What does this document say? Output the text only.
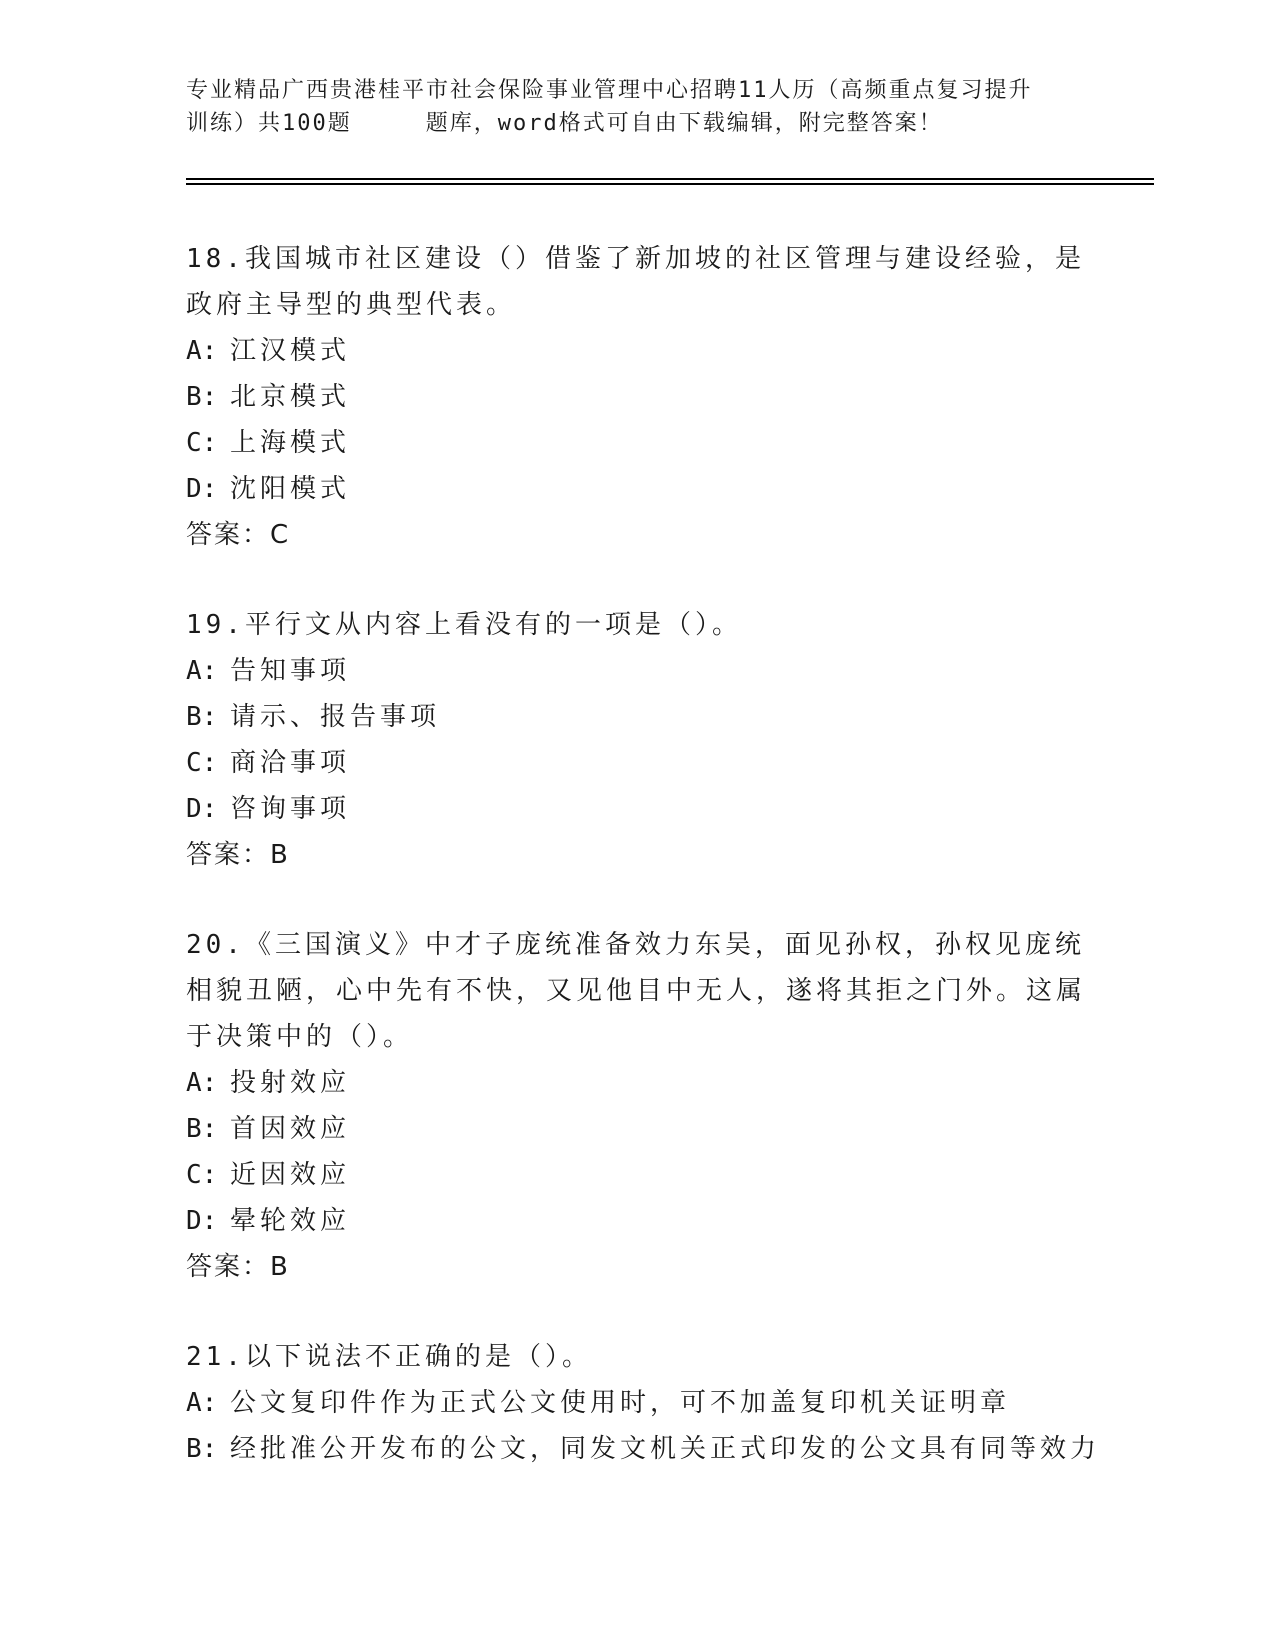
专业精品广西贵港桂平市社会保险事业管理中心招聘11人历（高频重点复习提升
训练）共100题	题库，word格式可自由下载编辑，附完整答案！
18.我国城市社区建设（）借鉴了新加坡的社区管理与建设经验，是政府主导型的典型代表。
A: 江汉模式
B: 北京模式
C: 上海模式
D: 沈阳模式
答案：C
19.平行文从内容上看没有的一项是（）。
A: 告知事项
B: 请示、报告事项
C: 商洽事项
D: 咨询事项
答案：B
20.《三国演义》中才子庞统准备效力东吴，面见孙权，孙权见庞统相貌丑陋，心中先有不快，又见他目中无人，遂将其拒之门外。这属于决策中的（）。
A: 投射效应
B: 首因效应
C: 近因效应
D: 晕轮效应
答案：B
21.以下说法不正确的是（）。
A: 公文复印件作为正式公文使用时，可不加盖复印机关证明章
B: 经批准公开发布的公文，同发文机关正式印发的公文具有同等效力
